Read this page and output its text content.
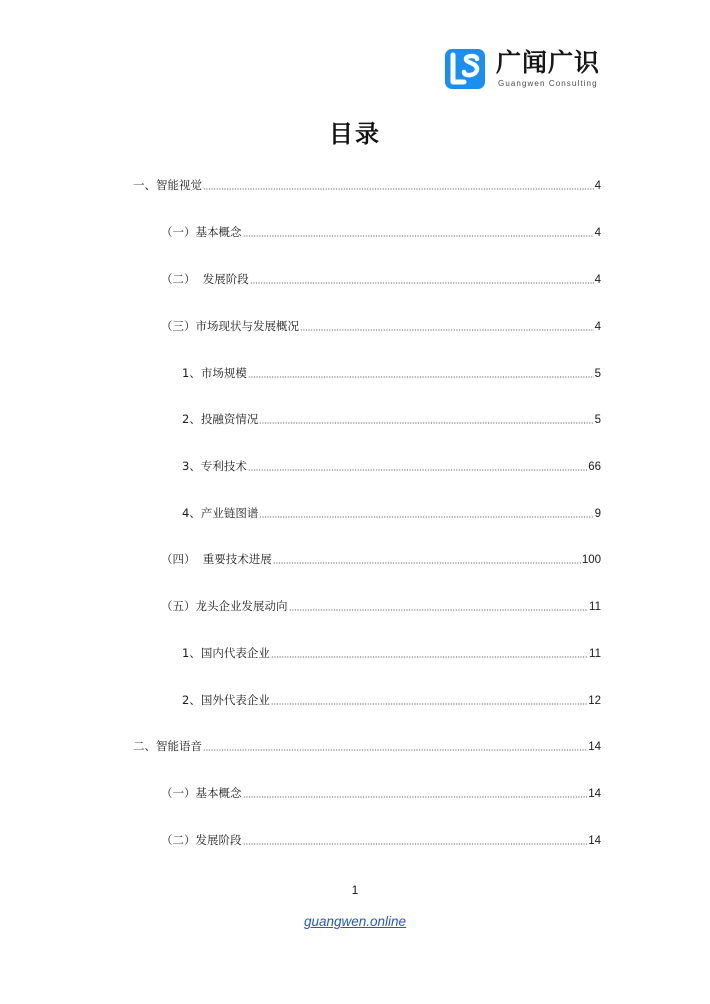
广闻广识
Guangwen Consulting
目录
一、智能视觉	4
（一）基本概念	4
（二）  发展阶段	4
（三）市场现状与发展概况	4
1、市场规模	5
2、投融资情况	5
3、专利技术	66
4、产业链图谱	9
（四）  重要技术进展	100
（五）龙头企业发展动向	11
1、国内代表企业	11
2、国外代表企业	12
二、智能语音	14
（一）基本概念	14
（二）发展阶段	14
1
guangwen.online
